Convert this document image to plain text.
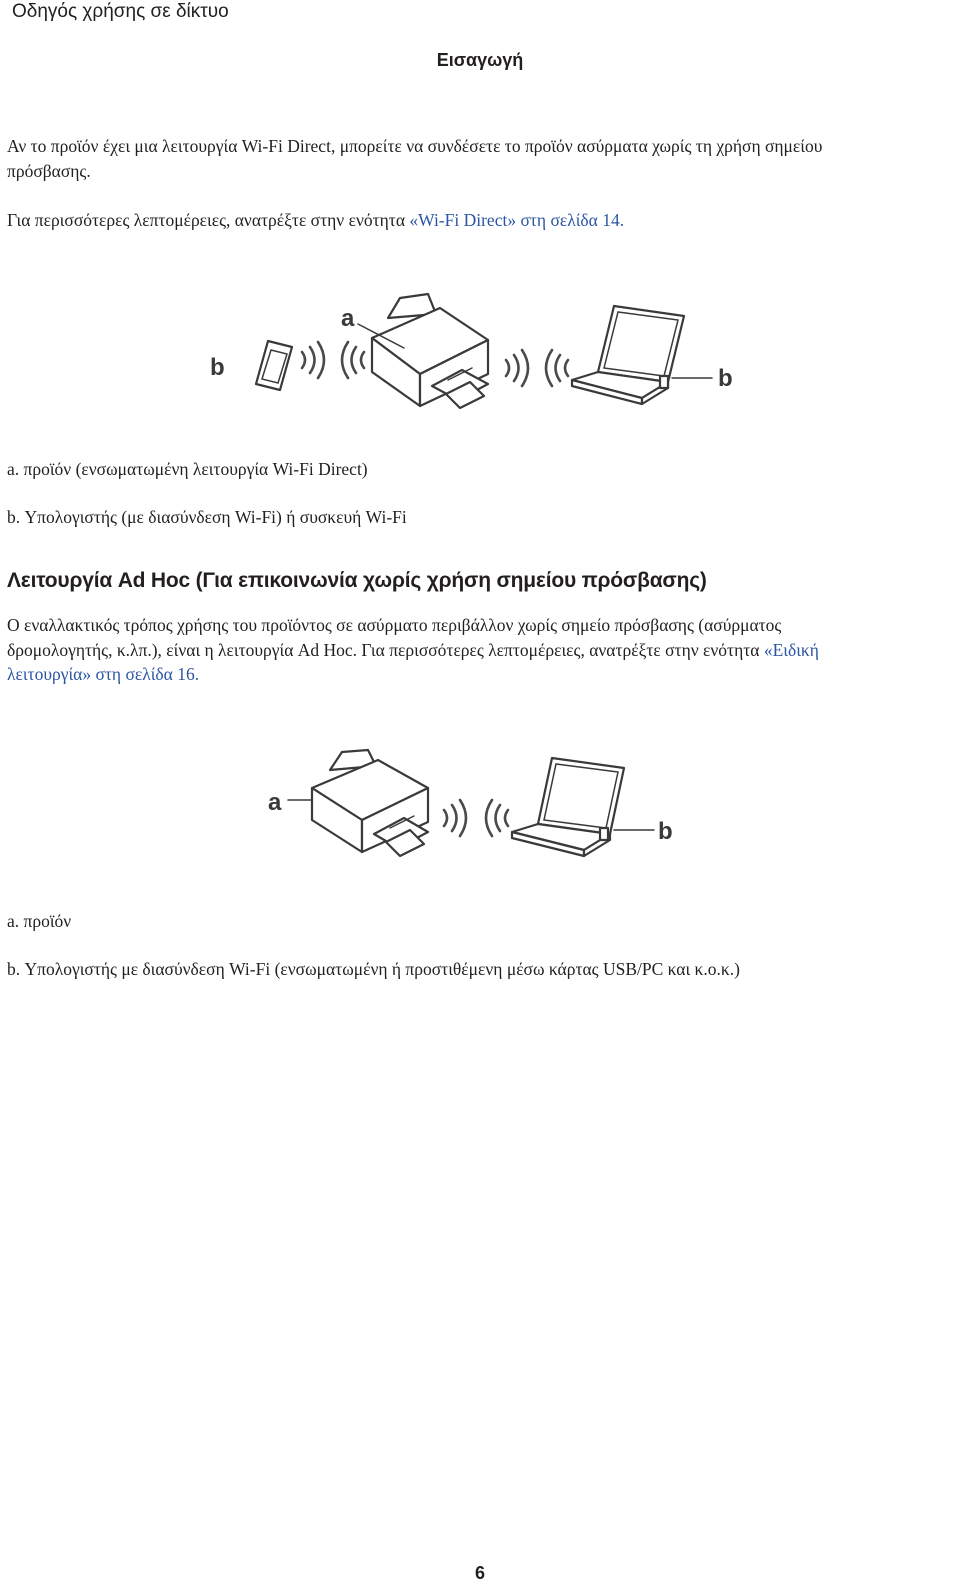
Οδηγός χρήσης σε δίκτυο
Εισαγωγή
Αν το προϊόν έχει μια λειτουργία Wi-Fi Direct, μπορείτε να συνδέσετε το προϊόν ασύρματα χωρίς τη χρήση σημείου
πρόσβασης.
Για περισσότερες λεπτομέρειες, ανατρέξτε στην ενότητα «Wi-Fi Direct» στη σελίδα 14.
b
a
b
a. προϊόν (ενσωματωμένη λειτουργία Wi-Fi Direct)
b. Υπολογιστής (με διασύνδεση Wi-Fi) ή συσκευή Wi-Fi
Λειτουργία Ad Hoc (Για επικοινωνία χωρίς χρήση σημείου πρόσβασης)
Ο εναλλακτικός τρόπος χρήσης του προϊόντος σε ασύρματο περιβάλλον χωρίς σημείο πρόσβασης (ασύρματος
δρομολογητής, κ.λπ.), είναι η λειτουργία Ad Hoc. Για περισσότερες λεπτομέρειες, ανατρέξτε στην ενότητα «Ειδική
λειτουργία» στη σελίδα 16.
a
b
a. προϊόν
b. Υπολογιστής με διασύνδεση Wi-Fi (ενσωματωμένη ή προστιθέμενη μέσω κάρτας USB/PC και κ.ο.κ.)
6
